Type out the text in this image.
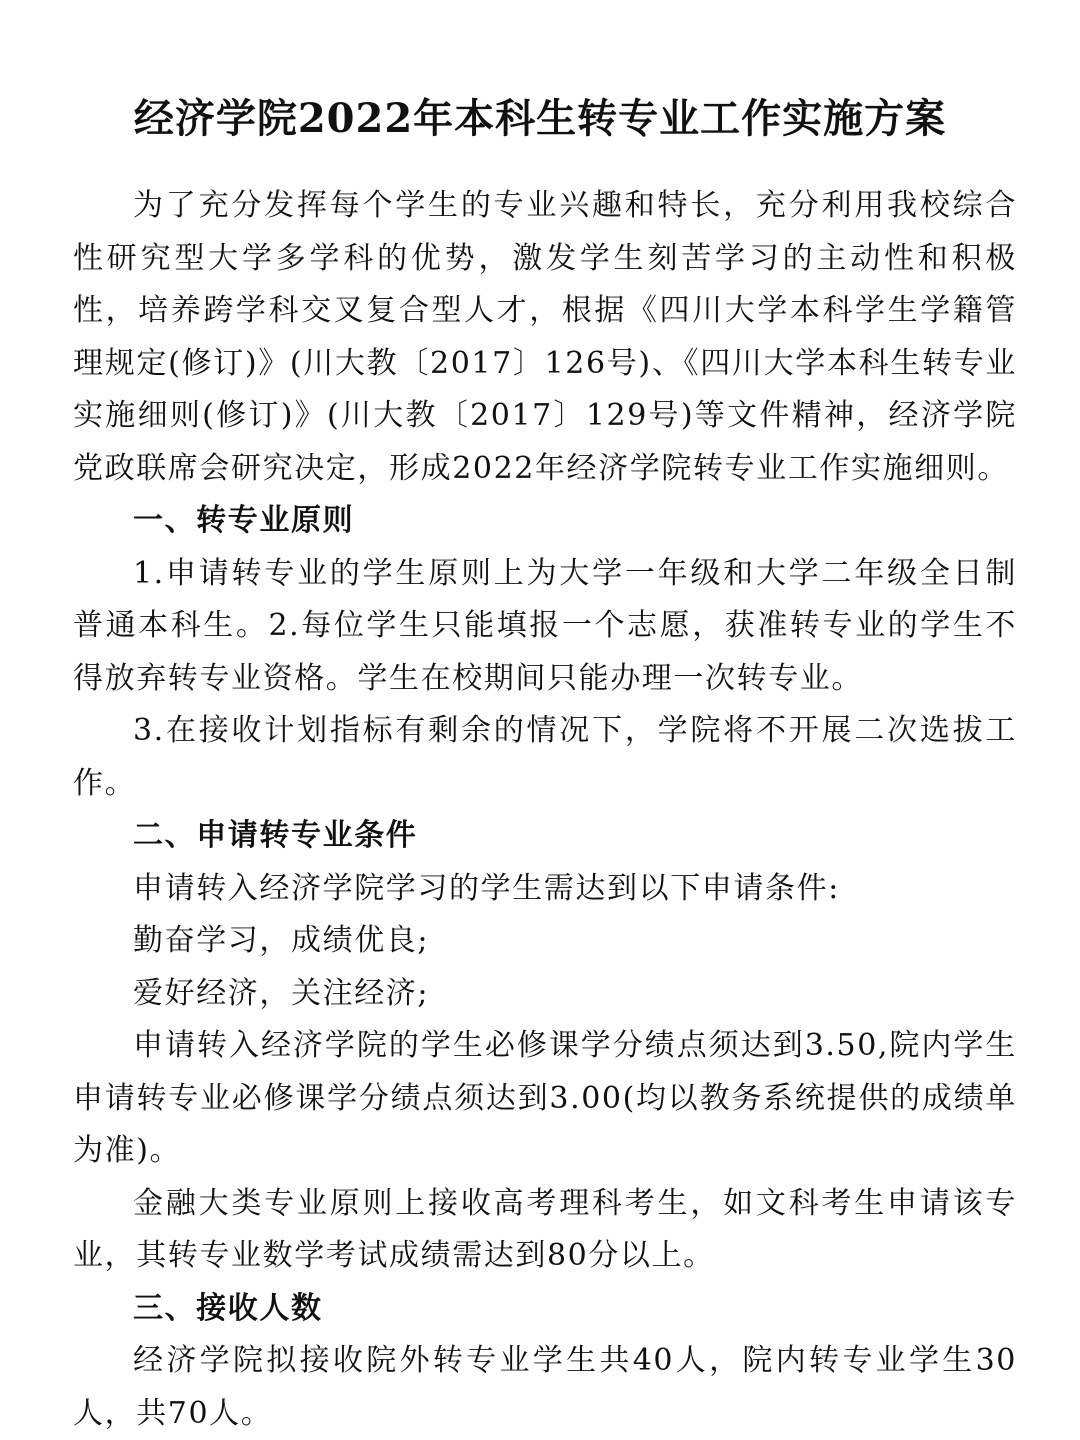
经济学院2022年本科生转专业工作实施方案

为了充分发挥每个学生的专业兴趣和特长，充分利用我校综合性研究型大学多学科的优势，激发学生刻苦学习的主动性和积极性，培养跨学科交叉复合型人才，根据《四川大学本科学生学籍管理规定(修订)》(川大教〔2017〕126号)、《四川大学本科生转专业实施细则(修订)》(川大教〔2017〕129号)等文件精神，经济学院党政联席会研究决定，形成2022年经济学院转专业工作实施细则。

一、转专业原则

1.申请转专业的学生原则上为大学一年级和大学二年级全日制普通本科生。2.每位学生只能填报一个志愿，获准转专业的学生不得放弃转专业资格。学生在校期间只能办理一次转专业。

3.在接收计划指标有剩余的情况下，学院将不开展二次选拔工作。

二、申请转专业条件

申请转入经济学院学习的学生需达到以下申请条件:

勤奋学习，成绩优良;

爱好经济，关注经济;

申请转入经济学院的学生必修课学分绩点须达到3.50,院内学生申请转专业必修课学分绩点须达到3.00(均以教务系统提供的成绩单为准)。

金融大类专业原则上接收高考理科考生，如文科考生申请该专业，其转专业数学考试成绩需达到80分以上。

三、接收人数

经济学院拟接收院外转专业学生共40人，院内转专业学生30人，共70人。
